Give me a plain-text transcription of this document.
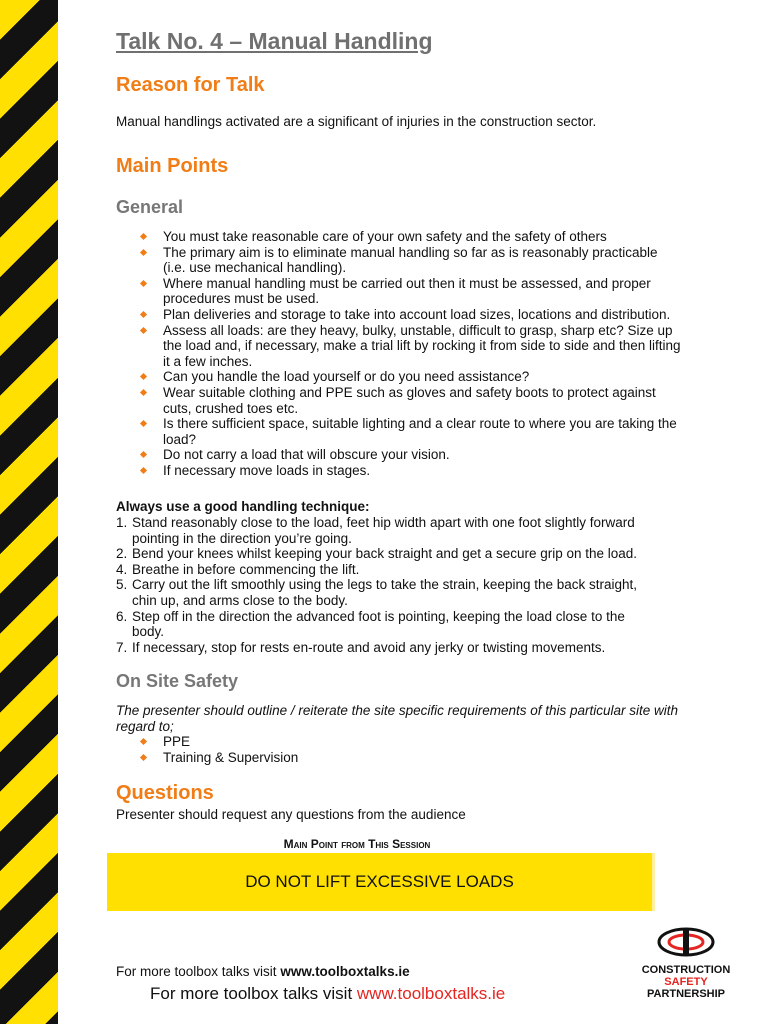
Talk No. 4 – Manual Handling
Reason for Talk
Manual handlings activated are a significant of injuries in the construction sector.
Main Points
General
You must take reasonable care of your own safety and the safety of others
The primary aim is to eliminate manual handling so far as is reasonably practicable
(i.e. use mechanical handling).
Where manual handling must be carried out then it must be assessed, and proper
procedures must be used.
Plan deliveries and storage to take into account load sizes, locations and distribution.
Assess all loads: are they heavy, bulky, unstable, difficult to grasp, sharp etc? Size up
the load and, if necessary, make a trial lift by rocking it from side to side and then lifting
it a few inches.
Can you handle the load yourself or do you need assistance?
Wear suitable clothing and PPE such as gloves and safety boots to protect against
cuts, crushed toes etc.
Is there sufficient space, suitable lighting and a clear route to where you are taking the
load?
Do not carry a load that will obscure your vision.
If necessary move loads in stages.
Always use a good handling technique:
1. Stand reasonably close to the load, feet hip width apart with one foot slightly forward
pointing in the direction you’re going.
2. Bend your knees whilst keeping your back straight and get a secure grip on the load.
4. Breathe in before commencing the lift.
5. Carry out the lift smoothly using the legs to take the strain, keeping the back straight,
chin up, and arms close to the body.
6. Step off in the direction the advanced foot is pointing, keeping the load close to the
body.
7. If necessary, stop for rests en-route and avoid any jerky or twisting movements.
On Site Safety
The presenter should outline / reiterate the site specific requirements of this particular site with
regard to;
PPE
Training & Supervision
Questions
Presenter should request any questions from the audience
Main Point from This Session
DO NOT LIFT EXCESSIVE LOADS
For more toolbox talks visit www.toolboxtalks.ie
For more toolbox talks visit www.toolboxtalks.ie
CONSTRUCTION
SAFETY
PARTNERSHIP
